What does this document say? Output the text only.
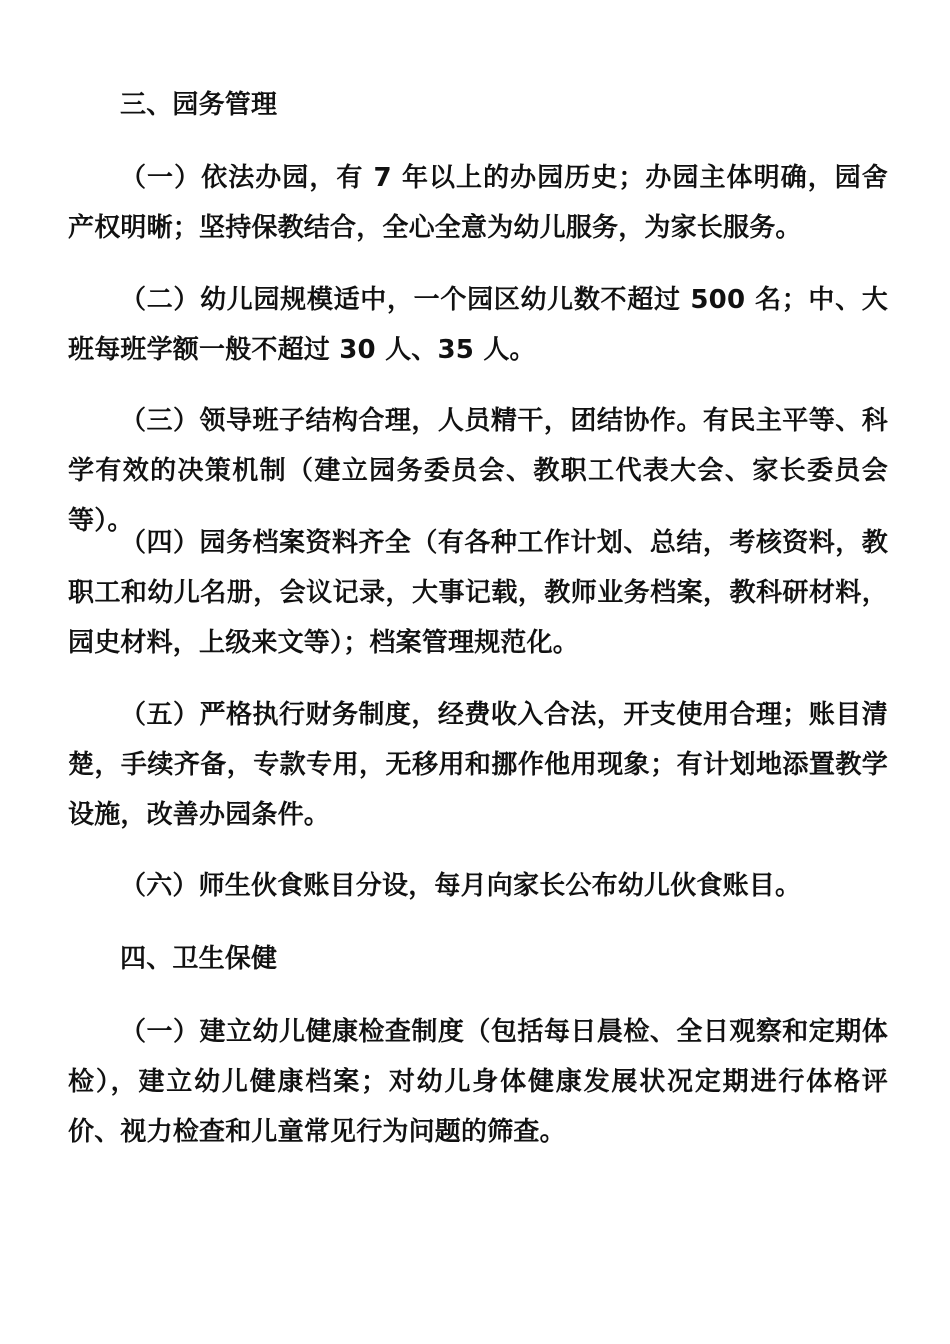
三、园务管理
（一）依法办园，有 7 年以上的办园历史；办园主体明确，园舍产权明晰；坚持保教结合，全心全意为幼儿服务，为家长服务。
（二）幼儿园规模适中，一个园区幼儿数不超过 500 名；中、大班每班学额一般不超过 30 人、35 人。
（三）领导班子结构合理，人员精干，团结协作。有民主平等、科学有效的决策机制（建立园务委员会、教职工代表大会、家长委员会等）。
（四）园务档案资料齐全（有各种工作计划、总结，考核资料，教职工和幼儿名册，会议记录，大事记载，教师业务档案，教科研材料，园史材料，上级来文等）；档案管理规范化。
（五）严格执行财务制度，经费收入合法，开支使用合理；账目清楚，手续齐备，专款专用，无移用和挪作他用现象；有计划地添置教学设施，改善办园条件。
（六）师生伙食账目分设，每月向家长公布幼儿伙食账目。
四、卫生保健
（一）建立幼儿健康检查制度（包括每日晨检、全日观察和定期体检），建立幼儿健康档案；对幼儿身体健康发展状况定期进行体格评价、视力检查和儿童常见行为问题的筛查。
